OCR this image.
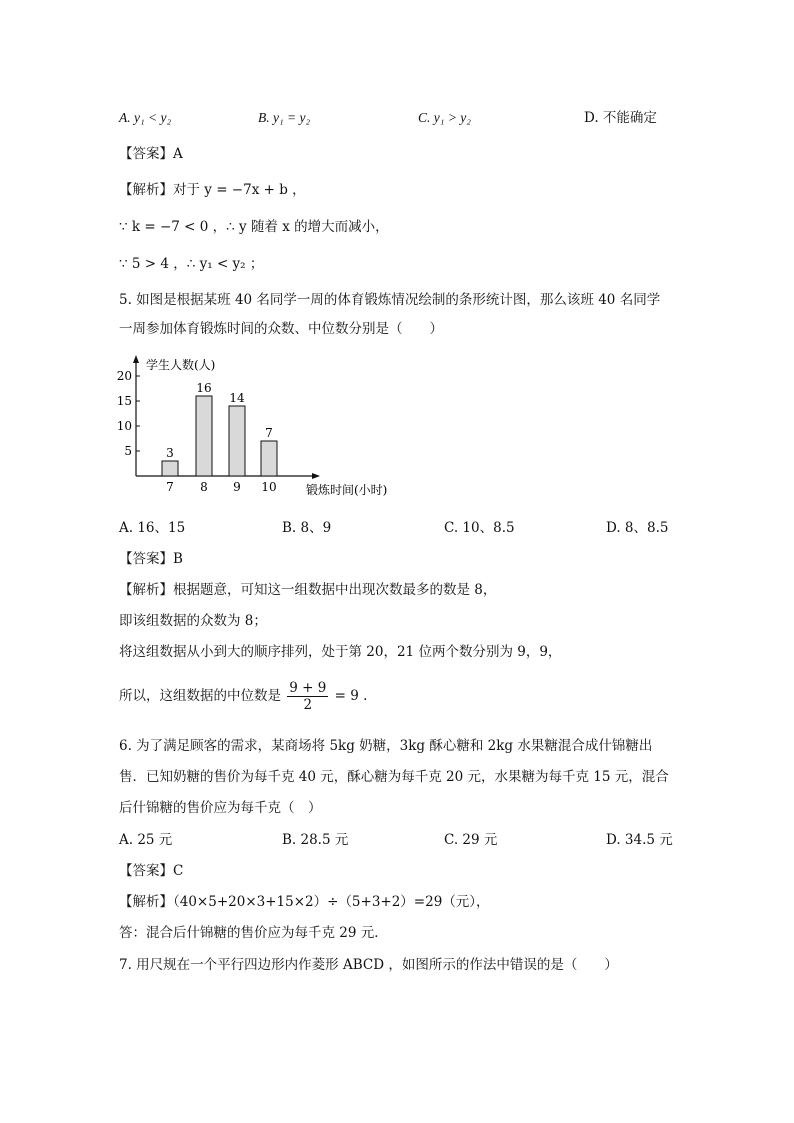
A. y₁ < y₂	B. y₁ = y₂	C. y₁ > y₂	D. 不能确定
【答案】A
【解析】对于 y = −7x + b ，
∵ k = −7 < 0 ，∴ y 随着 x 的增大而减小，
∵ 5 > 4 ，∴ y₁ < y₂ ；
5. 如图是根据某班 40 名同学一周的体育锻炼情况绘制的条形统计图，那么该班 40 名同学
一周参加体育锻炼时间的众数、中位数分别是（　　）
5
10
15
20
学生人数(人)
3
7
16
8
14
9
7
10 锻炼时间(小时)
A. 16、15	B. 8、9	C. 10、8.5	D. 8、8.5
【答案】B
【解析】根据题意，可知这一组数据中出现次数最多的数是 8，
即该组数据的众数为 8；
将这组数据从小到大的顺序排列，处于第 20，21 位两个数分别为 9，9，
所以，这组数据的中位数是 $\frac{9 + 9}{2} = 9$ .
6. 为了满足顾客的需求，某商场将 5kg 奶糖，3kg 酥心糖和 2kg 水果糖混合成什锦糖出
售．已知奶糖的售价为每千克 40 元，酥心糖为每千克 20 元，水果糖为每千克 15 元，混合
后什锦糖的售价应为每千克（　）
A. 25 元	B. 28.5 元	C. 29 元	D. 34.5 元
【答案】C
【解析】（40×5+20×3+15×2）÷（5+3+2）=29（元），
答：混合后什锦糖的售价应为每千克 29 元．
7. 用尺规在一个平行四边形内作菱形 ABCD ，如图所示的作法中错误的是（　　）
